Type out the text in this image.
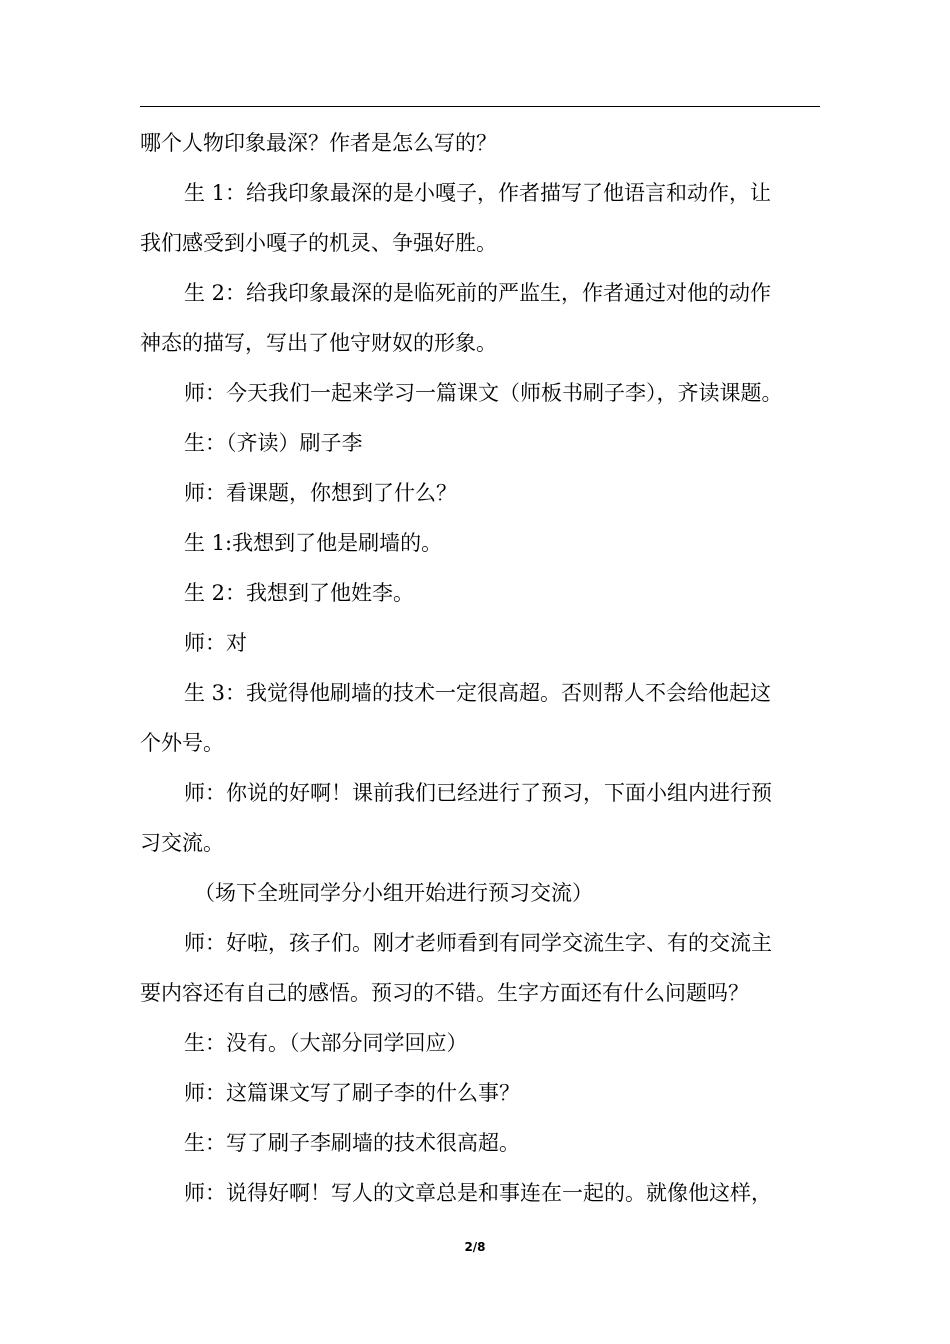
哪个人物印象最深？作者是怎么写的？
生 1：给我印象最深的是小嘎子，作者描写了他语言和动作，让
我们感受到小嘎子的机灵、争强好胜。
生 2：给我印象最深的是临死前的严监生，作者通过对他的动作
神态的描写，写出了他守财奴的形象。
师：今天我们一起来学习一篇课文（师板书刷子李），齐读课题。
生：（齐读）刷子李
师：看课题，你想到了什么？
生 1:我想到了他是刷墙的。
生 2：我想到了他姓李。
师：对
生 3：我觉得他刷墙的技术一定很高超。否则帮人不会给他起这
个外号。
师：你说的好啊！课前我们已经进行了预习，下面小组内进行预
习交流。
（场下全班同学分小组开始进行预习交流）
师：好啦，孩子们。刚才老师看到有同学交流生字、有的交流主
要内容还有自己的感悟。预习的不错。生字方面还有什么问题吗？
生：没有。（大部分同学回应）
师：这篇课文写了刷子李的什么事？
生：写了刷子李刷墙的技术很高超。
师：说得好啊！写人的文章总是和事连在一起的。就像他这样，
2/8
